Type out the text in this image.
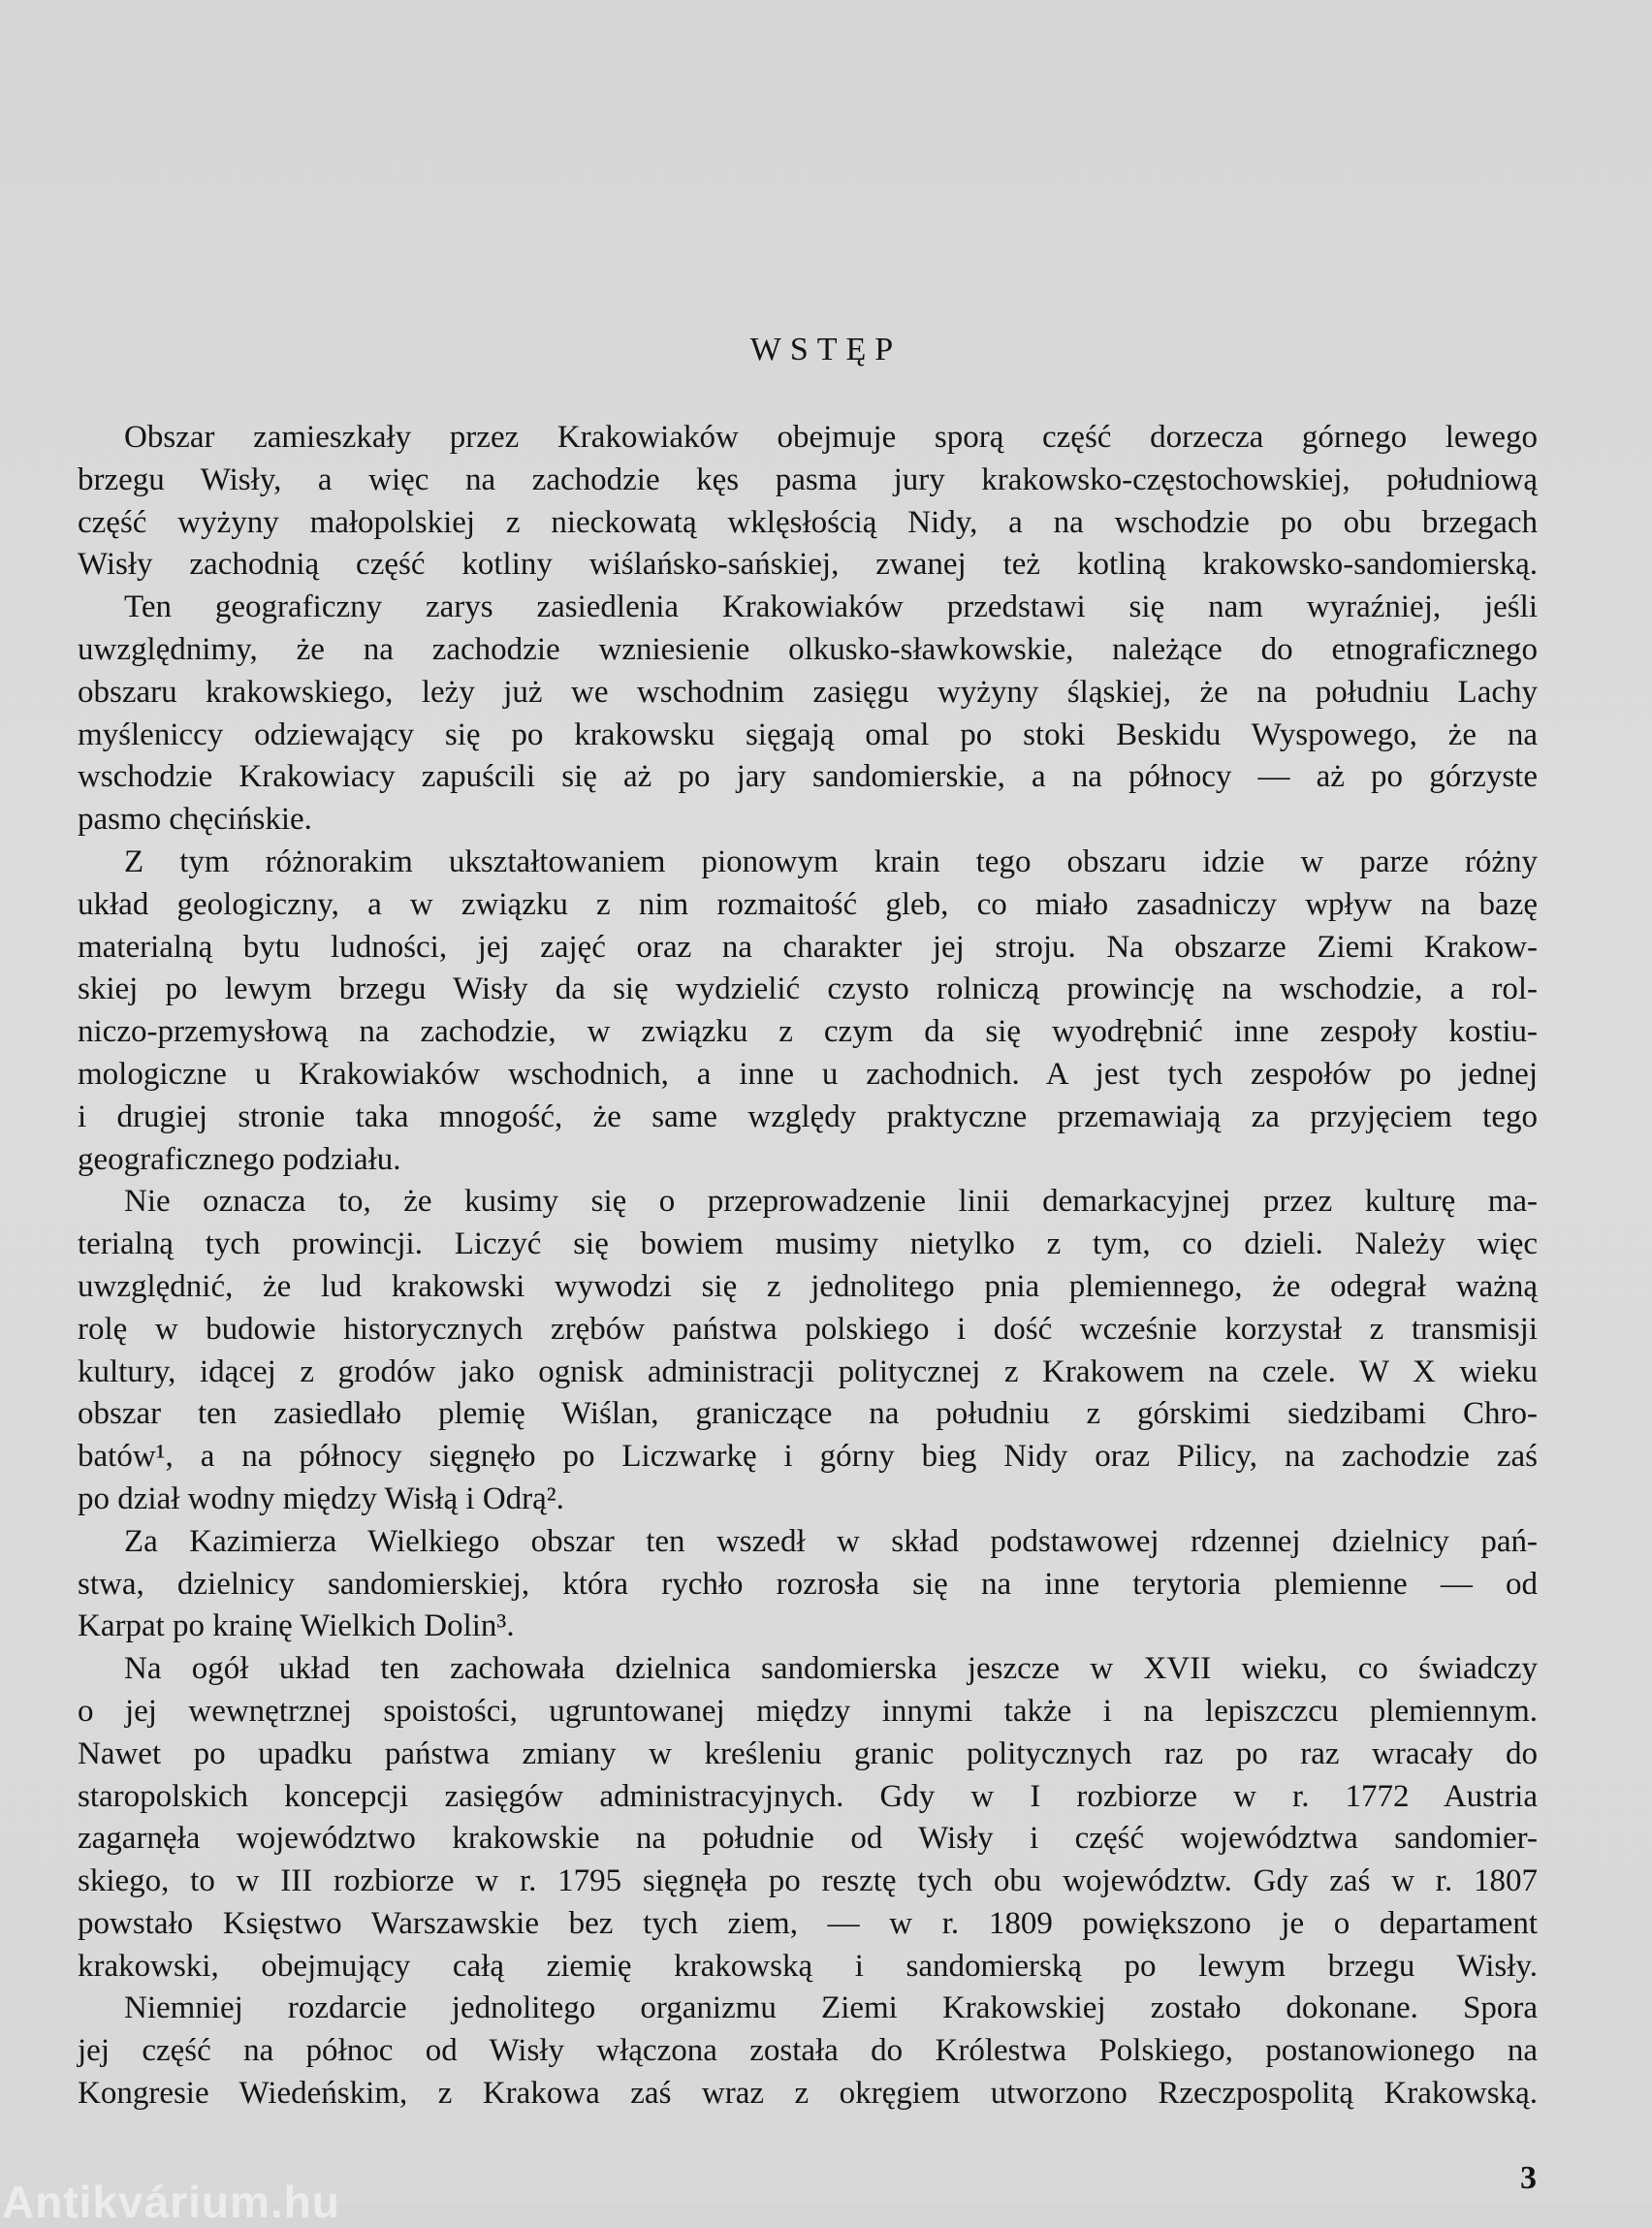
WSTĘP
Obszar zamieszkały przez Krakowiaków obejmuje sporą część dorzecza górnego lewego
brzegu Wisły, a więc na zachodzie kęs pasma jury krakowsko-częstochowskiej, południową
część wyżyny małopolskiej z nieckowatą wklęsłością Nidy, a na wschodzie po obu brzegach
Wisły zachodnią część kotliny wiślańsko-sańskiej, zwanej też kotliną krakowsko-sandomierską.
Ten geograficzny zarys zasiedlenia Krakowiaków przedstawi się nam wyraźniej, jeśli
uwzględnimy, że na zachodzie wzniesienie olkusko-sławkowskie, należące do etnograficznego
obszaru krakowskiego, leży już we wschodnim zasięgu wyżyny śląskiej, że na południu Lachy
myśleniccy odziewający się po krakowsku sięgają omal po stoki Beskidu Wyspowego, że na
wschodzie Krakowiacy zapuścili się aż po jary sandomierskie, a na północy — aż po górzyste
pasmo chęcińskie.
Z tym różnorakim ukształtowaniem pionowym krain tego obszaru idzie w parze różny
układ geologiczny, a w związku z nim rozmaitość gleb, co miało zasadniczy wpływ na bazę
materialną bytu ludności, jej zajęć oraz na charakter jej stroju. Na obszarze Ziemi Krakow-
skiej po lewym brzegu Wisły da się wydzielić czysto rolniczą prowincję na wschodzie, a rol-
niczo-przemysłową na zachodzie, w związku z czym da się wyodrębnić inne zespoły kostiu-
mologiczne u Krakowiaków wschodnich, a inne u zachodnich. A jest tych zespołów po jednej
i drugiej stronie taka mnogość, że same względy praktyczne przemawiają za przyjęciem tego
geograficznego podziału.
Nie oznacza to, że kusimy się o przeprowadzenie linii demarkacyjnej przez kulturę ma-
terialną tych prowincji. Liczyć się bowiem musimy nietylko z tym, co dzieli. Należy więc
uwzględnić, że lud krakowski wywodzi się z jednolitego pnia plemiennego, że odegrał ważną
rolę w budowie historycznych zrębów państwa polskiego i dość wcześnie korzystał z transmisji
kultury, idącej z grodów jako ognisk administracji politycznej z Krakowem na czele. W X wieku
obszar ten zasiedlało plemię Wiślan, graniczące na południu z górskimi siedzibami Chro-
batów¹, a na północy sięgnęło po Liczwarkę i górny bieg Nidy oraz Pilicy, na zachodzie zaś
po dział wodny między Wisłą i Odrą².
Za Kazimierza Wielkiego obszar ten wszedł w skład podstawowej rdzennej dzielnicy pań-
stwa, dzielnicy sandomierskiej, która rychło rozrosła się na inne terytoria plemienne — od
Karpat po krainę Wielkich Dolin³.
Na ogół układ ten zachowała dzielnica sandomierska jeszcze w XVII wieku, co świadczy
o jej wewnętrznej spoistości, ugruntowanej między innymi także i na lepiszczcu plemiennym.
Nawet po upadku państwa zmiany w kreśleniu granic politycznych raz po raz wracały do
staropolskich koncepcji zasięgów administracyjnych. Gdy w I rozbiorze w r. 1772 Austria
zagarnęła województwo krakowskie na południe od Wisły i część województwa sandomier-
skiego, to w III rozbiorze w r. 1795 sięgnęła po resztę tych obu województw. Gdy zaś w r. 1807
powstało Księstwo Warszawskie bez tych ziem, — w r. 1809 powiększono je o departament
krakowski, obejmujący całą ziemię krakowską i sandomierską po lewym brzegu Wisły.
Niemniej rozdarcie jednolitego organizmu Ziemi Krakowskiej zostało dokonane. Spora
jej część na północ od Wisły włączona została do Królestwa Polskiego, postanowionego na
Kongresie Wiedeńskim, z Krakowa zaś wraz z okręgiem utworzono Rzeczpospolitą Krakowską.
3
Antikvárium.hu
